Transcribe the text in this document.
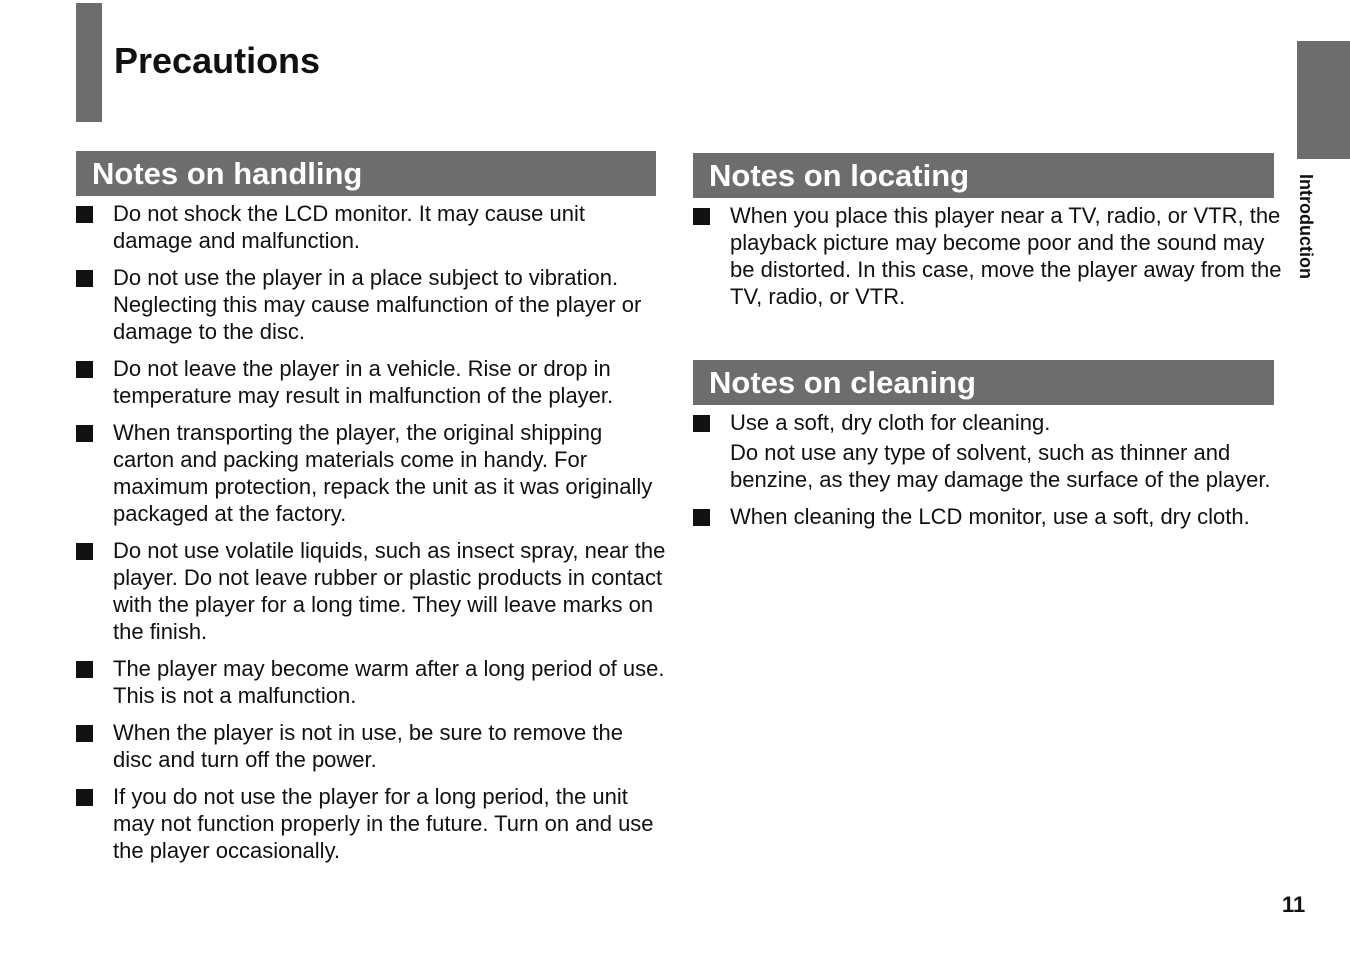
Precautions
Notes on handling
Do not shock the LCD monitor. It may cause unit damage and malfunction.
Do not use the player in a place subject to vibration. Neglecting this may cause malfunction of the player or damage to the disc.
Do not leave the player in a vehicle. Rise or drop in temperature may result in malfunction of the player.
When transporting the player, the original shipping carton and packing materials come in handy. For maximum protection, repack the unit as it was originally packaged at the factory.
Do not use volatile liquids, such as insect spray, near the player. Do not leave rubber or plastic products in contact with the player for a long time. They will leave marks on the finish.
The player may become warm after a long period of use. This is not a malfunction.
When the player is not in use, be sure to remove the disc and turn off the power.
If you do not use the player for a long period, the unit may not function properly in the future. Turn on and use the player occasionally.
Notes on locating
When you place this player near a TV, radio, or VTR, the playback picture may become poor and the sound may be distorted. In this case, move the player away from the TV, radio, or VTR.
Notes on cleaning
Use a soft, dry cloth for cleaning.
Do not use any type of solvent, such as thinner and benzine, as they may damage the surface of the player.
When cleaning the LCD monitor, use a soft, dry cloth.
Introduction
11
